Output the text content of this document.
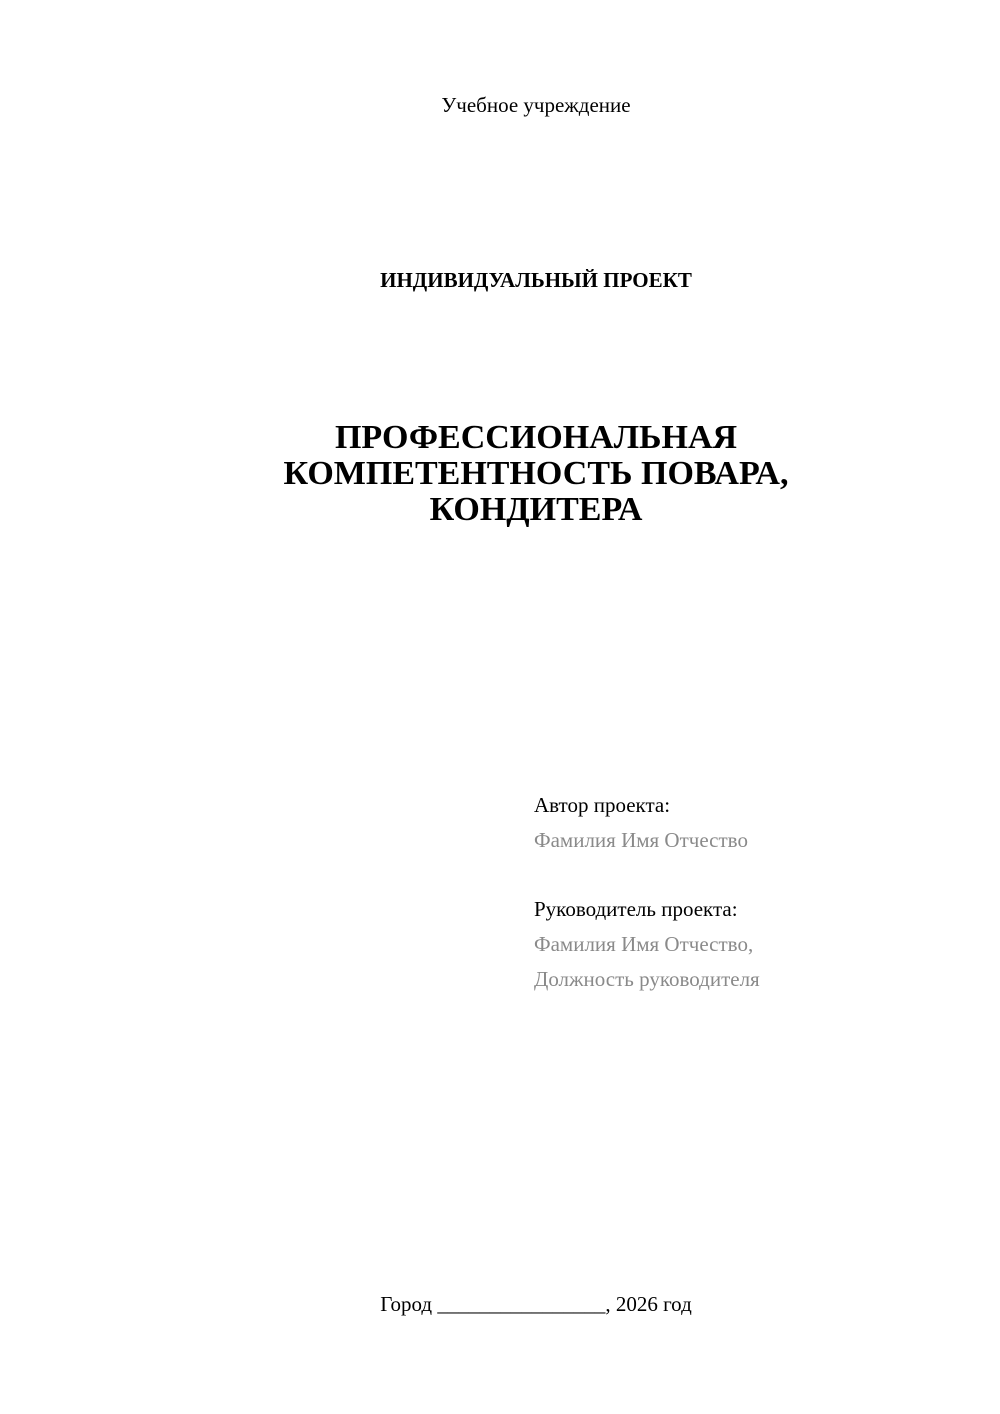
Учебное учреждение
ИНДИВИДУАЛЬНЫЙ ПРОЕКТ
ПРОФЕССИОНАЛЬНАЯ
КОМПЕТЕНТНОСТЬ ПОВАРА,
КОНДИТЕРА
Автор проекта:
Фамилия Имя Отчество
Руководитель проекта:
Фамилия Имя Отчество,
Должность руководителя
Город ________________, 2026 год
